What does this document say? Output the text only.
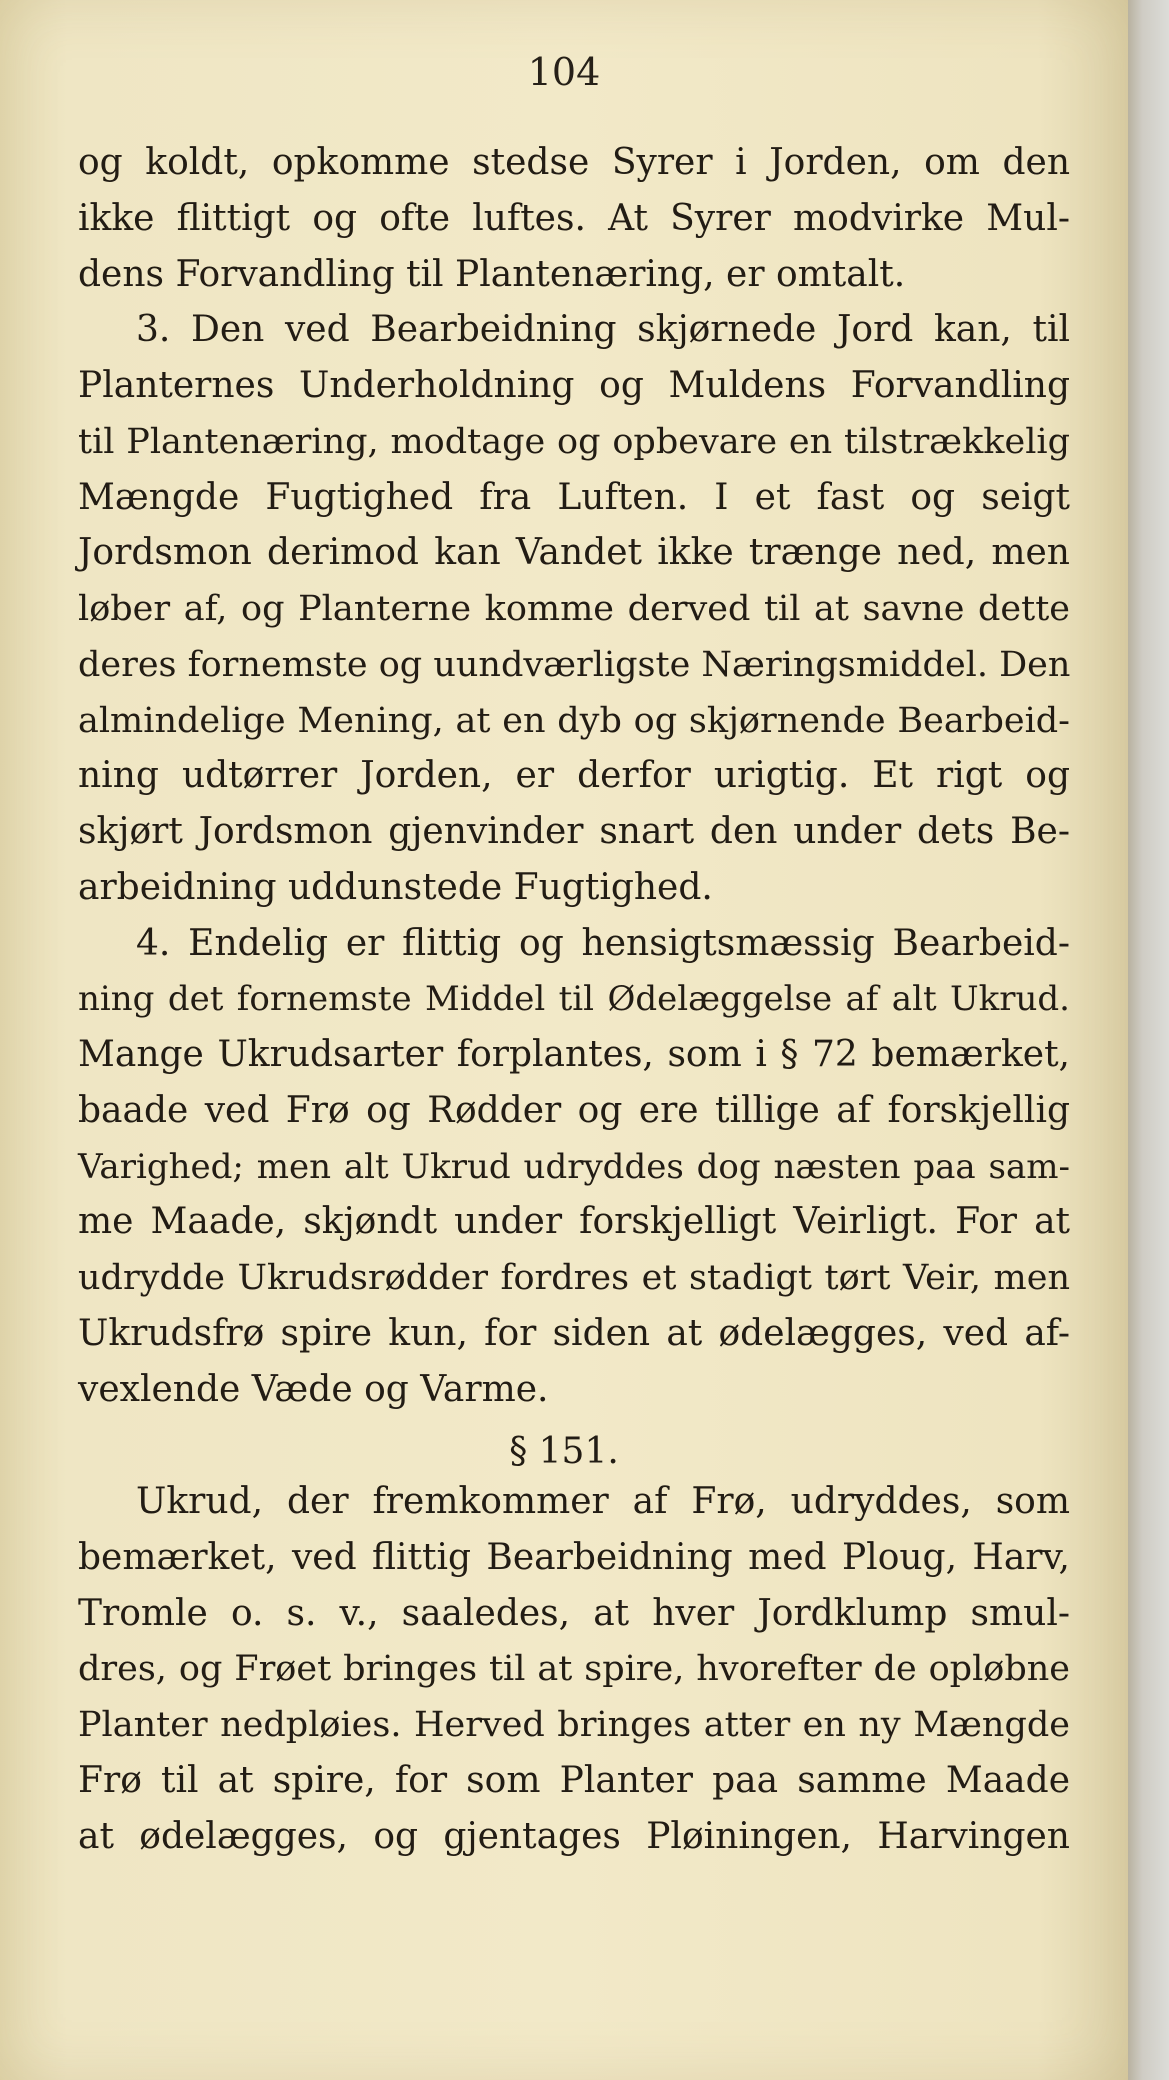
104

og koldt, opkomme stedse Syrer i Jorden, om den

ikke flittigt og ofte luftes. At Syrer modvirke Mul-

dens Forvandling til Plantenæring, er omtalt.

3. Den ved Bearbeidning skjørnede Jord kan, til

Planternes Underholdning og Muldens Forvandling

til Plantenæring, modtage og opbevare en tilstrækkelig

Mængde Fugtighed fra Luften. I et fast og seigt

Jordsmon derimod kan Vandet ikke trænge ned, men

løber af, og Planterne komme derved til at savne dette

deres fornemste og uundværligste Næringsmiddel. Den

almindelige Mening, at en dyb og skjørnende Bearbeid-

ning udtørrer Jorden, er derfor urigtig. Et rigt og

skjørt Jordsmon gjenvinder snart den under dets Be-

arbeidning uddunstede Fugtighed.

4. Endelig er flittig og hensigtsmæssig Bearbeid-

ning det fornemste Middel til Ødelæggelse af alt Ukrud.

Mange Ukrudsarter forplantes, som i § 72 bemærket,

baade ved Frø og Rødder og ere tillige af forskjellig

Varighed; men alt Ukrud udryddes dog næsten paa sam-

me Maade, skjøndt under forskjelligt Veirligt. For at

udrydde Ukrudsrødder fordres et stadigt tørt Veir, men

Ukrudsfrø spire kun, for siden at ødelægges, ved af-

vexlende Væde og Varme.

§ 151.

Ukrud, der fremkommer af Frø, udryddes, som

bemærket, ved flittig Bearbeidning med Ploug, Harv,

Tromle o. s. v., saaledes, at hver Jordklump smul-

dres, og Frøet bringes til at spire, hvorefter de opløbne

Planter nedpløies. Herved bringes atter en ny Mængde

Frø til at spire, for som Planter paa samme Maade

at ødelægges, og gjentages Pløiningen, Harvingen
